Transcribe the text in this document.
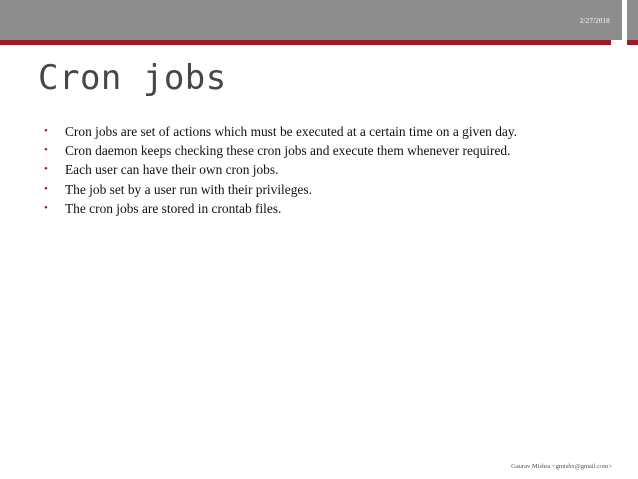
2/27/2018
Cron jobs
• Cron jobs are set of actions which must be executed at a certain time on a given day.
• Cron daemon keeps checking these cron jobs and execute them whenever required.
• Each user can have their own cron jobs.
• The job set by a user run with their privileges.
• The cron jobs are stored in crontab files.
Gaurav Mishra <gmishx@gmail.com>
